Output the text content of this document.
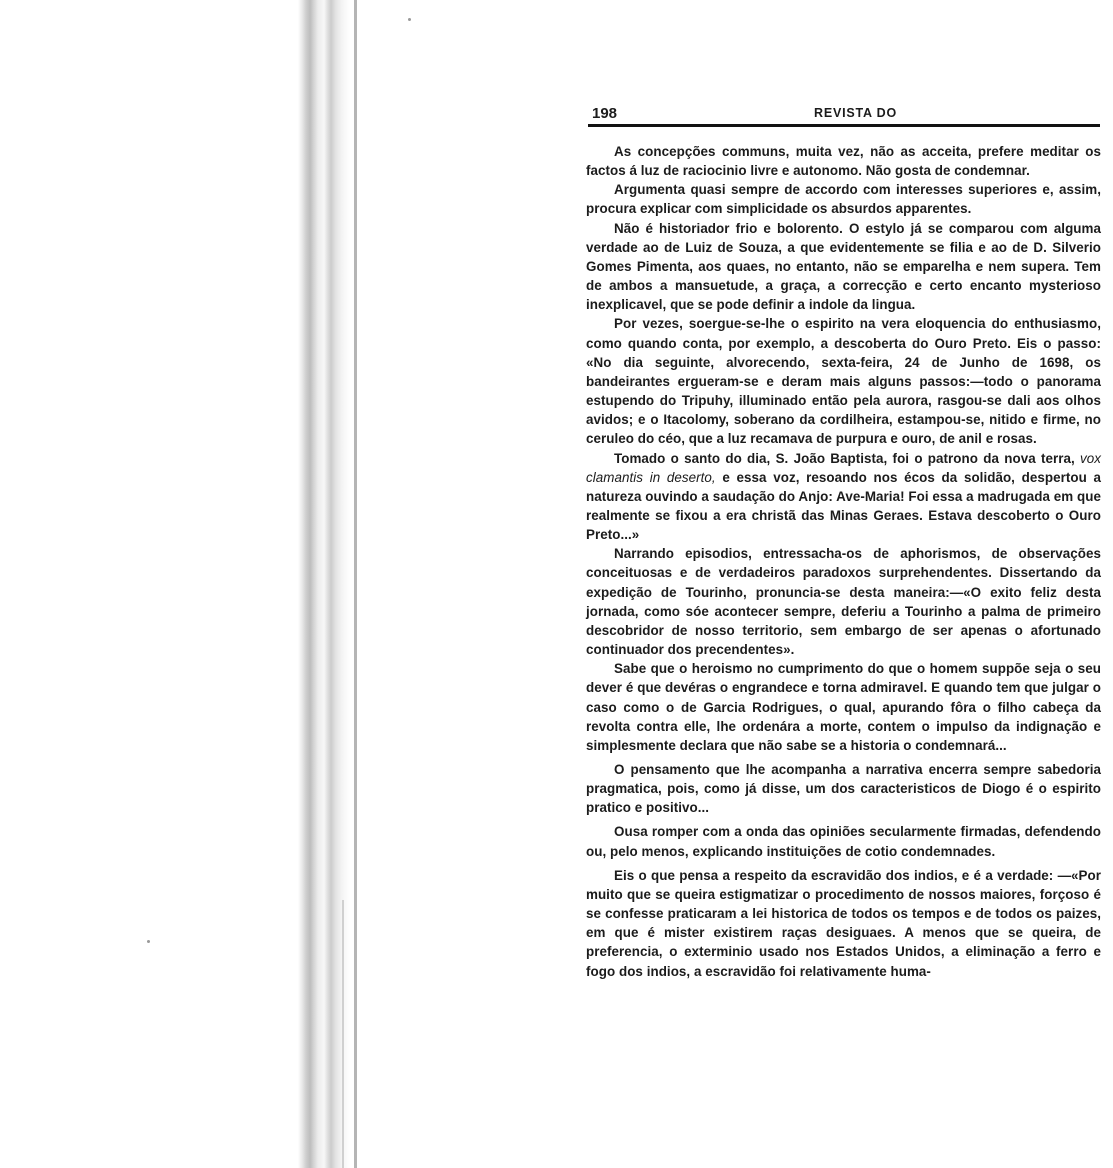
198	REVISTA DO

As concepções communs, muita vez, não as acceita, prefere meditar os factos á luz de raciocinio livre e autonomo. Não gosta de condemnar.

Argumenta quasi sempre de accordo com interesses superiores e, assim, procura explicar com simplicidade os absurdos apparentes.

Não é historiador frio e bolorento. O estylo já se comparou com alguma verdade ao de Luiz de Souza, a que evidentemente se filia e ao de D. Silverio Gomes Pimenta, aos quaes, no entanto, não se emparelha e nem supera. Tem de ambos a mansuetude, a graça, a correcção e certo encanto mysterioso inexplicavel, que se pode definir a indole da lingua.

Por vezes, soergue-se-lhe o espirito na vera eloquencia do enthusiasmo, como quando conta, por exemplo, a descoberta do Ouro Preto. Eis o passo: «No dia seguinte, alvorecendo, sexta-feira, 24 de Junho de 1698, os bandeirantes ergueram-se e deram mais alguns passos:—todo o panorama estupendo do Tripuhy, illuminado então pela aurora, rasgou-se dali aos olhos avidos; e o Itacolomy, soberano da cordilheira, estampou-se, nitido e firme, no ceruleo do céo, que a luz recamava de purpura e ouro, de anil e rosas.

Tomado o santo do dia, S. João Baptista, foi o patrono da nova terra, vox clamantis in deserto, e essa voz, resoando nos écos da solidão, despertou a natureza ouvindo a saudação do Anjo: Ave-Maria! Foi essa a madrugada em que realmente se fixou a era christã das Minas Geraes. Estava descoberto o Ouro Preto...»

Narrando episodios, entressacha-os de aphorismos, de observações conceituosas e de verdadeiros paradoxos surprehendentes. Dissertando da expedição de Tourinho, pronuncia-se desta maneira:—«O exito feliz desta jornada, como sóe acontecer sempre, deferiu a Tourinho a palma de primeiro descobridor de nosso territorio, sem embargo de ser apenas o afortunado continuador dos precendentes».

Sabe que o heroismo no cumprimento do que o homem suppõe seja o seu dever é que devéras o engrandece e torna admiravel. E quando tem que julgar o caso como o de Garcia Rodrigues, o qual, apurando fôra o filho cabeça da revolta contra elle, lhe ordenára a morte, contem o impulso da indignação e simplesmente declara que não sabe se a historia o condemnará...

O pensamento que lhe acompanha a narrativa encerra sempre sabedoria pragmatica, pois, como já disse, um dos caracteristicos de Diogo é o espirito pratico e positivo...

Ousa romper com a onda das opiniões secularmente firmadas, defendendo ou, pelo menos, explicando instituições de cotio condemnades.

Eis o que pensa a respeito da escravidão dos indios, e é a verdade: —«Por muito que se queira estigmatizar o procedimento de nossos maiores, forçoso é se confesse praticaram a lei historica de todos os tempos e de todos os paizes, em que é mister existirem raças desiguaes. A menos que se queira, de preferencia, o exterminio usado nos Estados Unidos, a eliminação a ferro e fogo dos indios, a escravidão foi relativamente huma-
